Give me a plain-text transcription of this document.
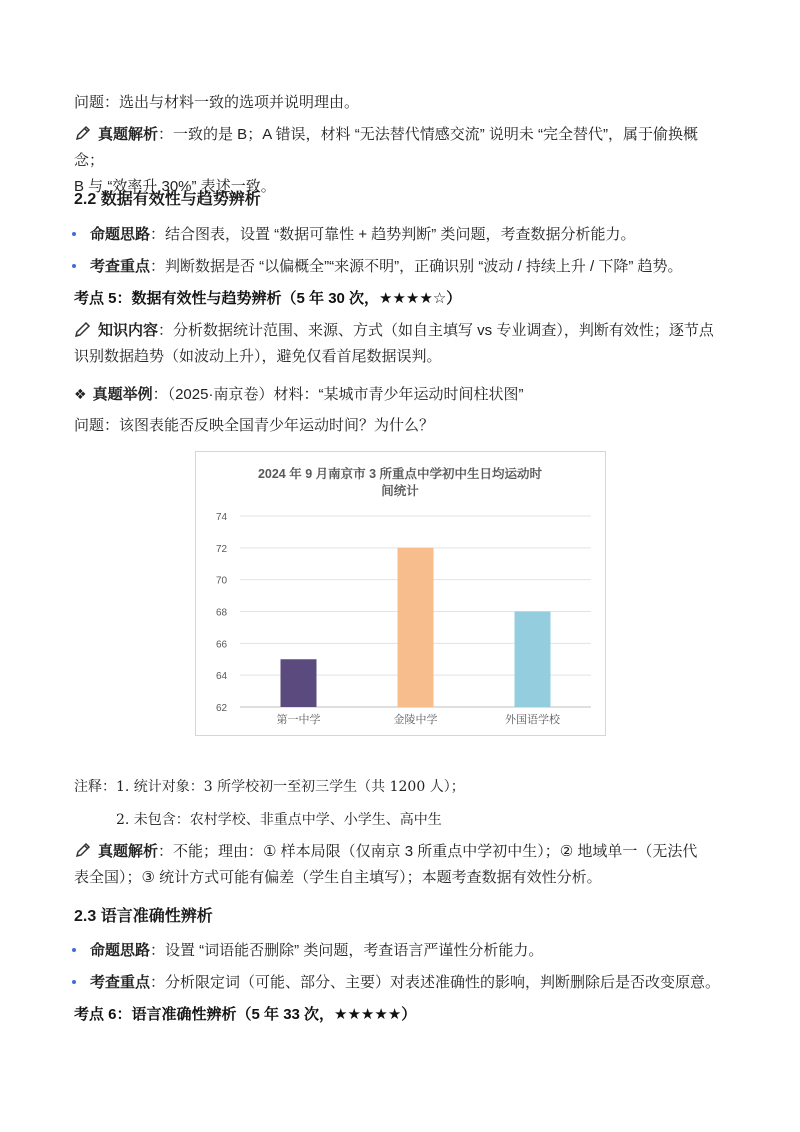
问题：选出与材料一致的选项并说明理由。
真题解析：一致的是 B；A 错误，材料 “无法替代情感交流” 说明未 “完全替代”，属于偷换概念；
B 与 “效率升 30%” 表述一致。
2.2 数据有效性与趋势辨析
命题思路：结合图表，设置 “数据可靠性 + 趋势判断” 类问题，考查数据分析能力。
考查重点：判断数据是否 “以偏概全”“来源不明”，正确识别 “波动 / 持续上升 / 下降” 趋势。
考点 5：数据有效性与趋势辨析（5 年 30 次，★★★★☆）
知识内容：分析数据统计范围、来源、方式（如自主填写 vs 专业调查），判断有效性；逐节点
识别数据趋势（如波动上升），避免仅看首尾数据误判。
❖ 真题举例：（2025·南京卷）材料：“某城市青少年运动时间柱状图”
问题：该图表能否反映全国青少年运动时间？为什么？
2024 年 9 月南京市 3 所重点中学初中生日均运动时
间统计
62
64
66
68
70
72
74
第一中学	金陵中学	外国语学校
注释：1. 统计对象：3 所学校初一至初三学生（共 1200 人）；
2. 未包含：农村学校、非重点中学、小学生、高中生
真题解析：不能；理由：① 样本局限（仅南京 3 所重点中学初中生）；② 地域单一（无法代
表全国）；③ 统计方式可能有偏差（学生自主填写）；本题考查数据有效性分析。
2.3 语言准确性辨析
命题思路：设置 “词语能否删除” 类问题，考查语言严谨性分析能力。
考查重点：分析限定词（可能、部分、主要）对表述准确性的影响，判断删除后是否改变原意。
考点 6：语言准确性辨析（5 年 33 次，★★★★★）
